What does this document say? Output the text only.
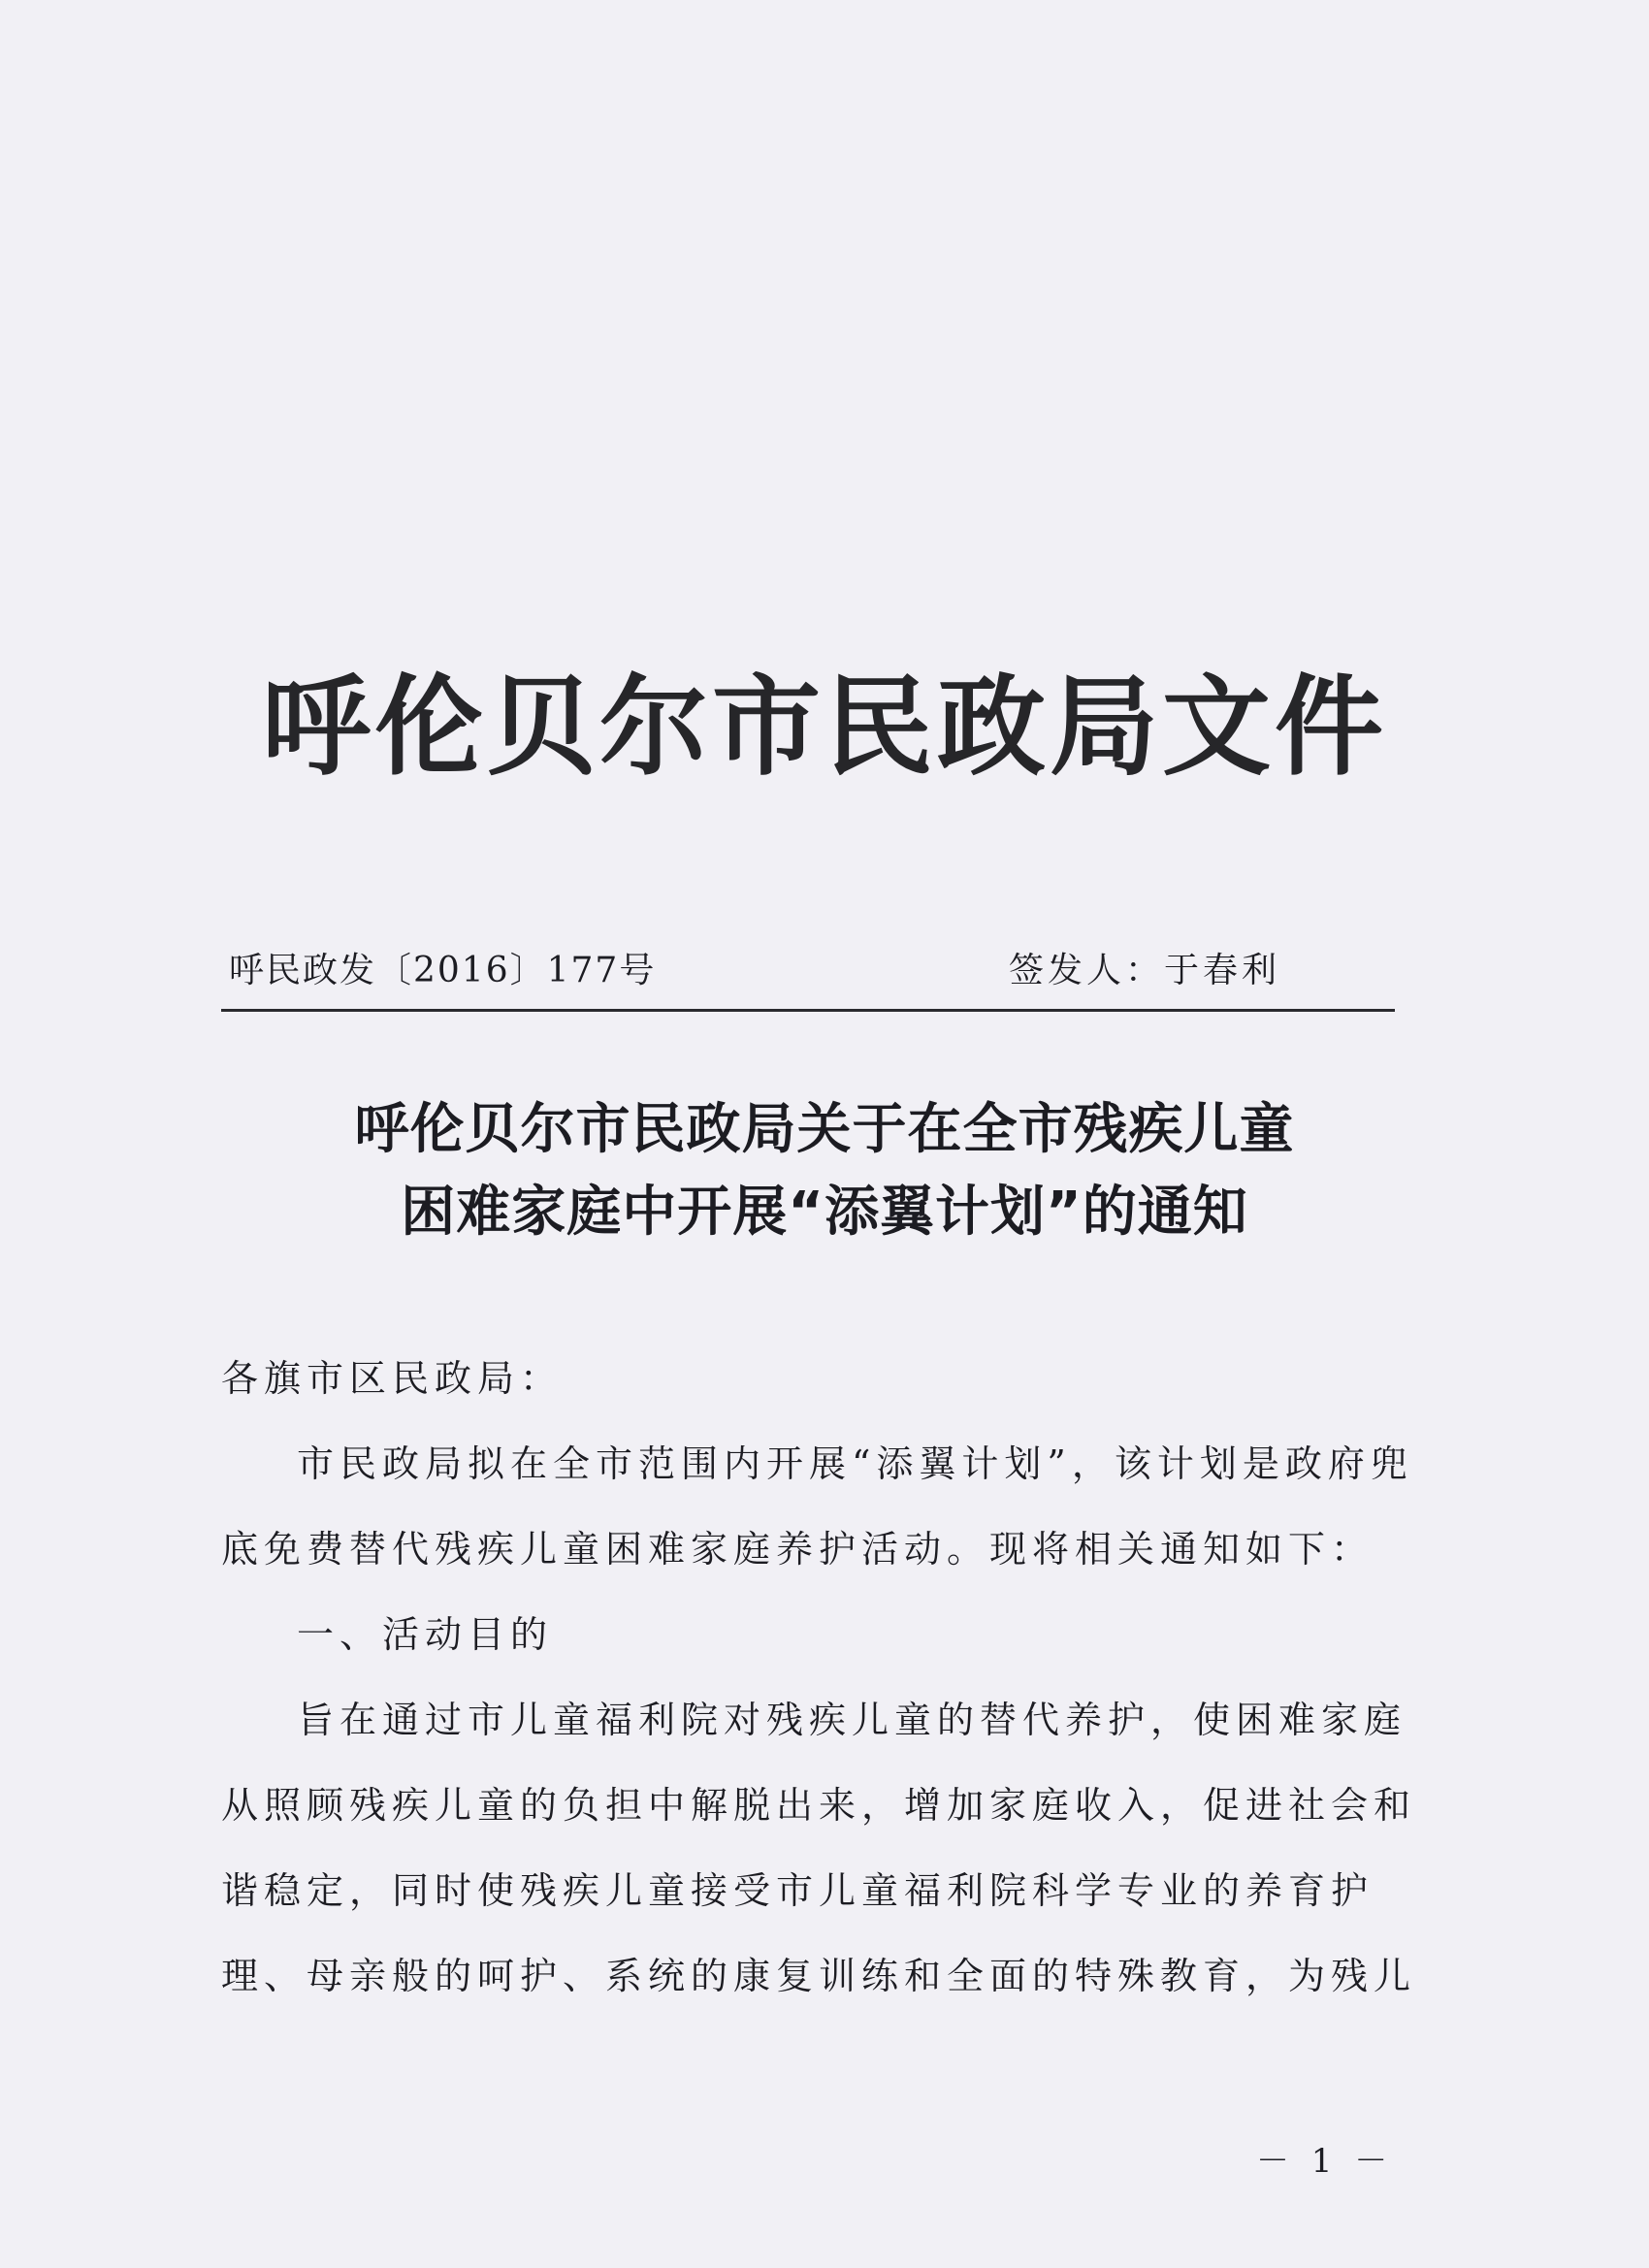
呼伦贝尔市民政局文件
呼民政发〔2016〕177号	签发人：于春利
呼伦贝尔市民政局关于在全市残疾儿童
困难家庭中开展“添翼计划”的通知
各旗市区民政局：
市民政局拟在全市范围内开展“添翼计划”，该计划是政府兜
底免费替代残疾儿童困难家庭养护活动。现将相关通知如下：
一、活动目的
旨在通过市儿童福利院对残疾儿童的替代养护，使困难家庭
从照顾残疾儿童的负担中解脱出来，增加家庭收入，促进社会和
谐稳定，同时使残疾儿童接受市儿童福利院科学专业的养育护
理、母亲般的呵护、系统的康复训练和全面的特殊教育，为残儿
－ 1 －
